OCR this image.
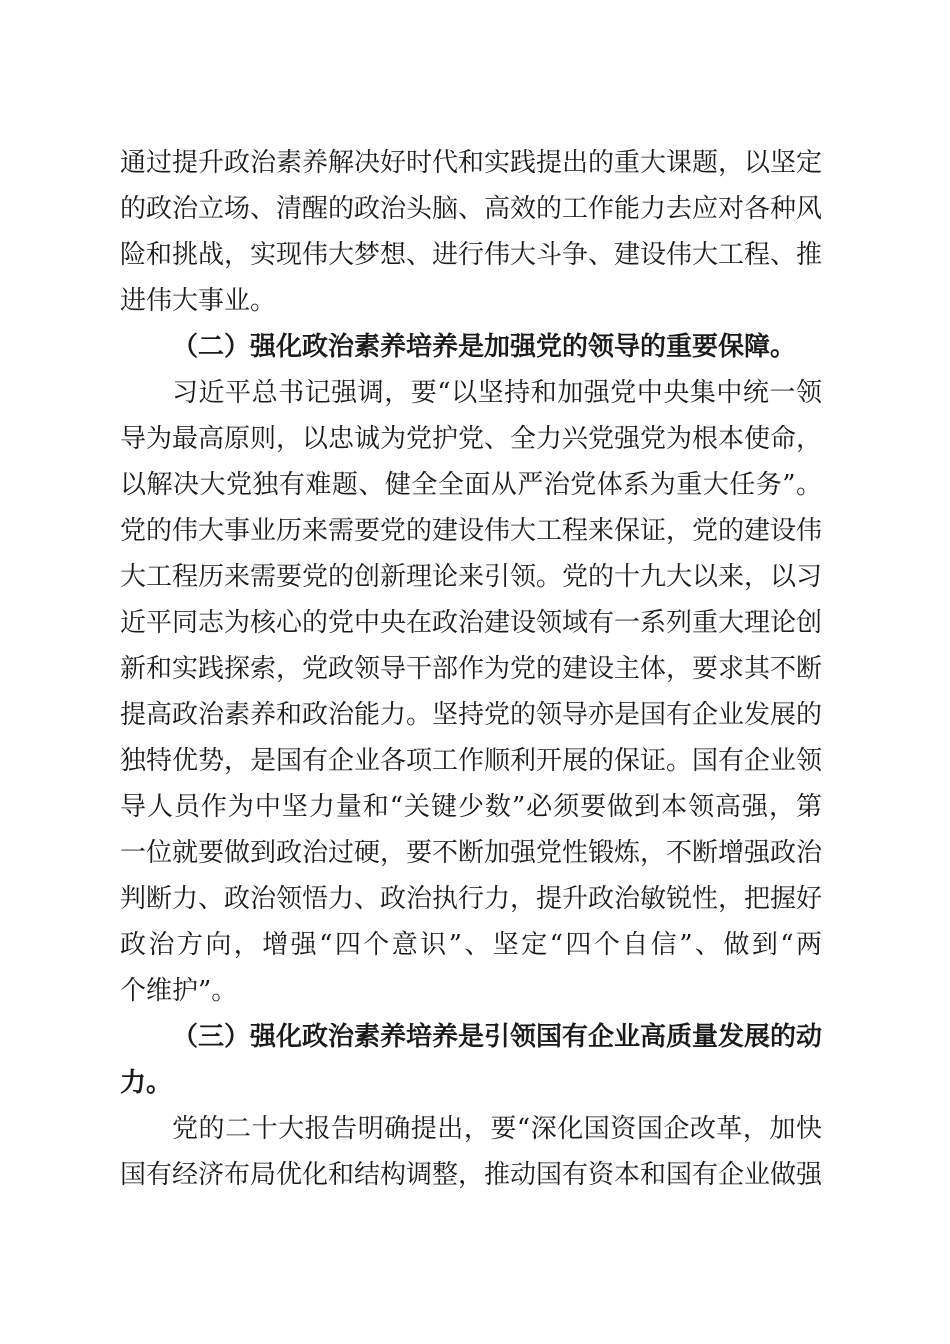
通过提升政治素养解决好时代和实践提出的重大课题，以坚定
的政治立场、清醒的政治头脑、高效的工作能力去应对各种风
险和挑战，实现伟大梦想、进行伟大斗争、建设伟大工程、推
进伟大事业。
（二）强化政治素养培养是加强党的领导的重要保障。
习近平总书记强调，要“以坚持和加强党中央集中统一领
导为最高原则，以忠诚为党护党、全力兴党强党为根本使命，
以解决大党独有难题、健全全面从严治党体系为重大任务”。
党的伟大事业历来需要党的建设伟大工程来保证，党的建设伟
大工程历来需要党的创新理论来引领。党的十九大以来，以习
近平同志为核心的党中央在政治建设领域有一系列重大理论创
新和实践探索，党政领导干部作为党的建设主体，要求其不断
提高政治素养和政治能力。坚持党的领导亦是国有企业发展的
独特优势，是国有企业各项工作顺利开展的保证。国有企业领
导人员作为中坚力量和“关键少数”必须要做到本领高强，第
一位就要做到政治过硬，要不断加强党性锻炼，不断增强政治
判断力、政治领悟力、政治执行力，提升政治敏锐性，把握好
政治方向，增强“四个意识”、坚定“四个自信”、做到“两
个维护”。
（三）强化政治素养培养是引领国有企业高质量发展的动
力。
党的二十大报告明确提出，要“深化国资国企改革，加快
国有经济布局优化和结构调整，推动国有资本和国有企业做强
